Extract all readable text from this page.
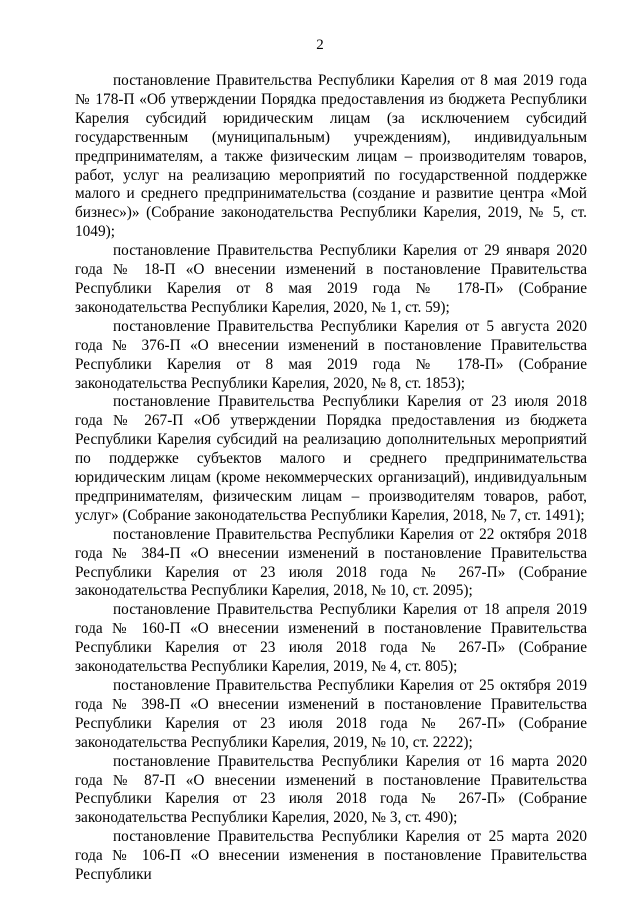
2

постановление Правительства Республики Карелия от 8 мая 2019 года № 178-П «Об утверждении Порядка предоставления из бюджета Республики Карелия субсидий юридическим лицам (за исключением субсидий государственным (муниципальным) учреждениям), индивидуальным предпринимателям, а также физическим лицам – производителям товаров, работ, услуг на реализацию мероприятий по государственной поддержке малого и среднего предпринимательства (создание и развитие центра «Мой бизнес»)» (Собрание законодательства Республики Карелия, 2019, № 5, ст. 1049);

постановление Правительства Республики Карелия от 29 января 2020 года № 18-П «О внесении изменений в постановление Правительства Республики Карелия от 8 мая 2019 года № 178-П» (Собрание законодательства Республики Карелия, 2020, № 1, ст. 59);

постановление Правительства Республики Карелия от 5 августа 2020 года № 376-П «О внесении изменений в постановление Правительства Республики Карелия от 8 мая 2019 года № 178-П» (Собрание законодательства Республики Карелия, 2020, № 8, ст. 1853);

постановление Правительства Республики Карелия от 23 июля 2018 года № 267-П «Об утверждении Порядка предоставления из бюджета Республики Карелия субсидий на реализацию дополнительных мероприятий по поддержке субъектов малого и среднего предпринимательства юридическим лицам (кроме некоммерческих организаций), индивидуальным предпринимателям, физическим лицам – производителям товаров, работ, услуг» (Собрание законодательства Республики Карелия, 2018, № 7, ст. 1491);

постановление Правительства Республики Карелия от 22 октября 2018 года № 384-П «О внесении изменений в постановление Правительства Республики Карелия от 23 июля 2018 года № 267-П» (Собрание законодательства Республики Карелия, 2018, № 10, ст. 2095);

постановление Правительства Республики Карелия от 18 апреля 2019 года № 160-П «О внесении изменений в постановление Правительства Республики Карелия от 23 июля 2018 года № 267-П» (Собрание законодательства Республики Карелия, 2019, № 4, ст. 805);

постановление Правительства Республики Карелия от 25 октября 2019 года № 398-П «О внесении изменений в постановление Правительства Республики Карелия от 23 июля 2018 года № 267-П» (Собрание законодательства Республики Карелия, 2019, № 10, ст. 2222);

постановление Правительства Республики Карелия от 16 марта 2020 года № 87-П «О внесении изменений в постановление Правительства Республики Карелия от 23 июля 2018 года № 267-П» (Собрание законодательства Республики Карелия, 2020, № 3, ст. 490);

постановление Правительства Республики Карелия от 25 марта 2020 года № 106-П «О внесении изменения в постановление Правительства Республики
